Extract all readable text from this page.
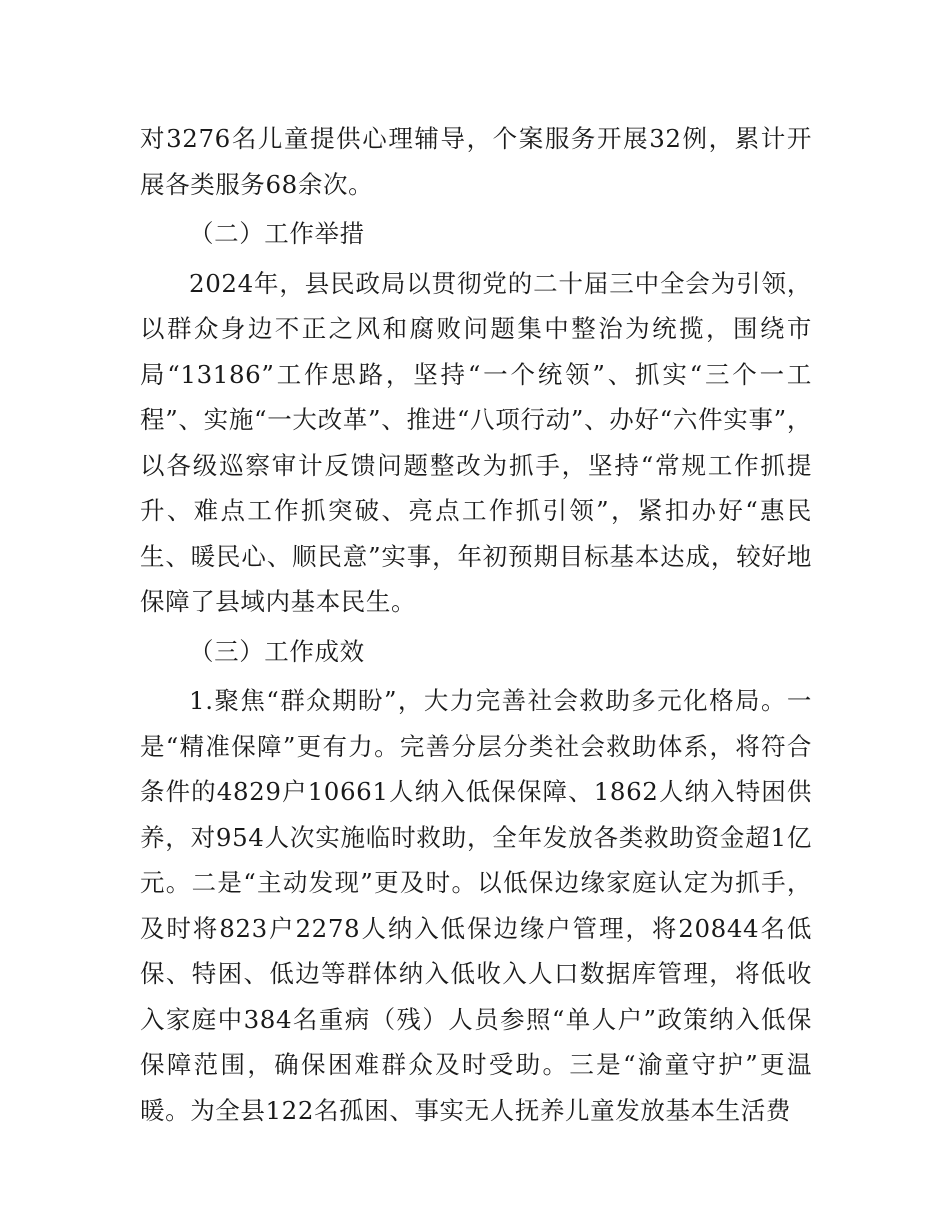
对3276名儿童提供心理辅导，个案服务开展32例，累计开展各类服务68余次。

（二）工作举措

2024年，县民政局以贯彻党的二十届三中全会为引领，以群众身边不正之风和腐败问题集中整治为统揽，围绕市局“13186”工作思路，坚持“一个统领”、抓实“三个一工程”、实施“一大改革”、推进“八项行动”、办好“六件实事”，以各级巡察审计反馈问题整改为抓手，坚持“常规工作抓提升、难点工作抓突破、亮点工作抓引领”，紧扣办好“惠民生、暖民心、顺民意”实事，年初预期目标基本达成，较好地保障了县域内基本民生。

（三）工作成效

1.聚焦“群众期盼”，大力完善社会救助多元化格局。一是“精准保障”更有力。完善分层分类社会救助体系，将符合条件的4829户10661人纳入低保保障、1862人纳入特困供养，对954人次实施临时救助，全年发放各类救助资金超1亿元。二是“主动发现”更及时。以低保边缘家庭认定为抓手，及时将823户2278人纳入低保边缘户管理，将20844名低保、特困、低边等群体纳入低收入人口数据库管理，将低收入家庭中384名重病（残）人员参照“单人户”政策纳入低保保障范围，确保困难群众及时受助。三是“渝童守护”更温暖。为全县122名孤困、事实无人抚养儿童发放基本生活费
